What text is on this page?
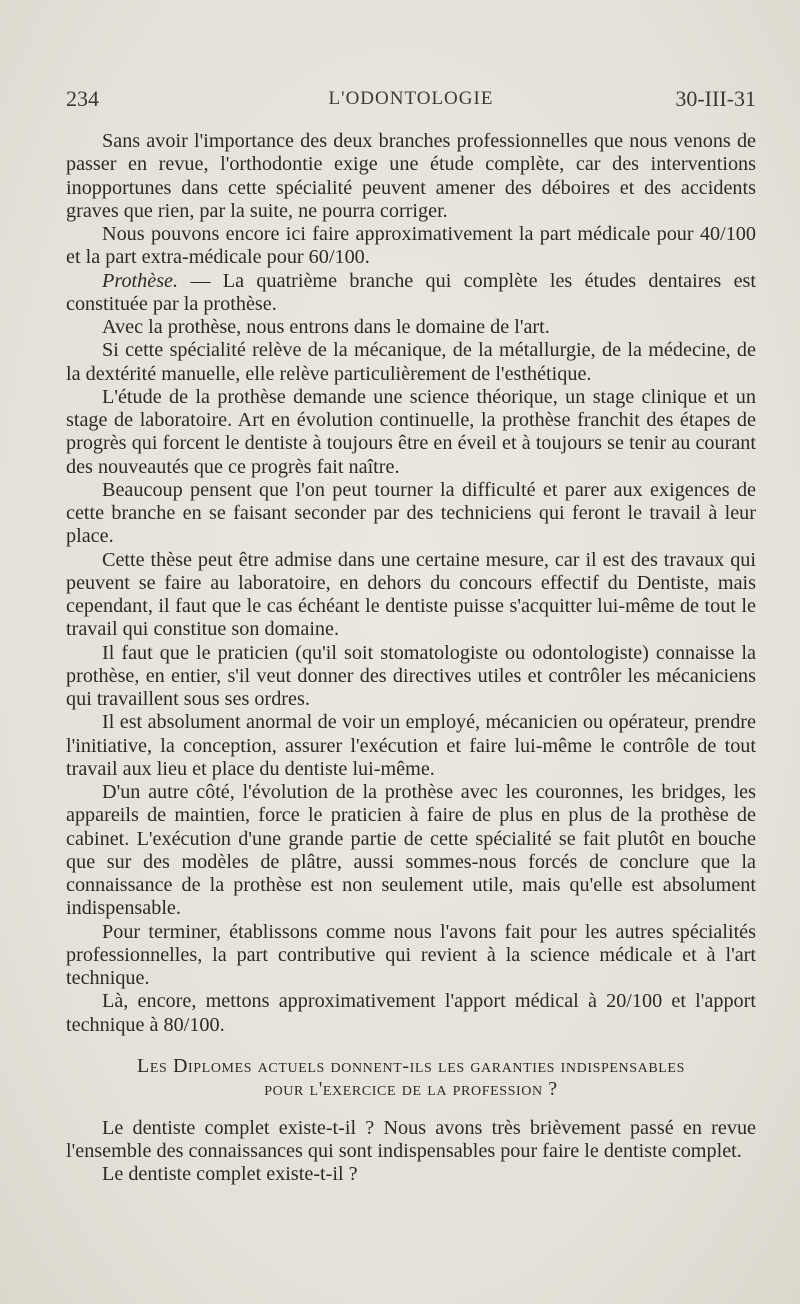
234	L'ODONTOLOGIE	30-III-31

Sans avoir l'importance des deux branches professionnelles que nous venons de passer en revue, l'orthodontie exige une étude complète, car des interventions inopportunes dans cette spécialité peuvent amener des déboires et des accidents graves que rien, par la suite, ne pourra corriger.

Nous pouvons encore ici faire approximativement la part médicale pour 40/100 et la part extra-médicale pour 60/100.

Prothèse. — La quatrième branche qui complète les études dentaires est constituée par la prothèse.

Avec la prothèse, nous entrons dans le domaine de l'art.

Si cette spécialité relève de la mécanique, de la métallurgie, de la médecine, de la dextérité manuelle, elle relève particulièrement de l'esthétique.

L'étude de la prothèse demande une science théorique, un stage clinique et un stage de laboratoire. Art en évolution continuelle, la prothèse franchit des étapes de progrès qui forcent le dentiste à toujours être en éveil et à toujours se tenir au courant des nouveautés que ce progrès fait naître.

Beaucoup pensent que l'on peut tourner la difficulté et parer aux exigences de cette branche en se faisant seconder par des techniciens qui feront le travail à leur place.

Cette thèse peut être admise dans une certaine mesure, car il est des travaux qui peuvent se faire au laboratoire, en dehors du concours effectif du Dentiste, mais cependant, il faut que le cas échéant le dentiste puisse s'acquitter lui-même de tout le travail qui constitue son domaine.

Il faut que le praticien (qu'il soit stomatologiste ou odontologiste) connaisse la prothèse, en entier, s'il veut donner des directives utiles et contrôler les mécaniciens qui travaillent sous ses ordres.

Il est absolument anormal de voir un employé, mécanicien ou opérateur, prendre l'initiative, la conception, assurer l'exécution et faire lui-même le contrôle de tout travail aux lieu et place du dentiste lui-même.

D'un autre côté, l'évolution de la prothèse avec les couronnes, les bridges, les appareils de maintien, force le praticien à faire de plus en plus de la prothèse de cabinet. L'exécution d'une grande partie de cette spécialité se fait plutôt en bouche que sur des modèles de plâtre, aussi sommes-nous forcés de conclure que la connaissance de la prothèse est non seulement utile, mais qu'elle est absolument indispensable.

Pour terminer, établissons comme nous l'avons fait pour les autres spécialités professionnelles, la part contributive qui revient à la science médicale et à l'art technique.

Là, encore, mettons approximativement l'apport médical à 20/100 et l'apport technique à 80/100.

Les Diplomes actuels donnent-ils les garanties indispensables
pour l'exercice de la profession ?

Le dentiste complet existe-t-il ? Nous avons très brièvement passé en revue l'ensemble des connaissances qui sont indispensables pour faire le dentiste complet.

Le dentiste complet existe-t-il ?
